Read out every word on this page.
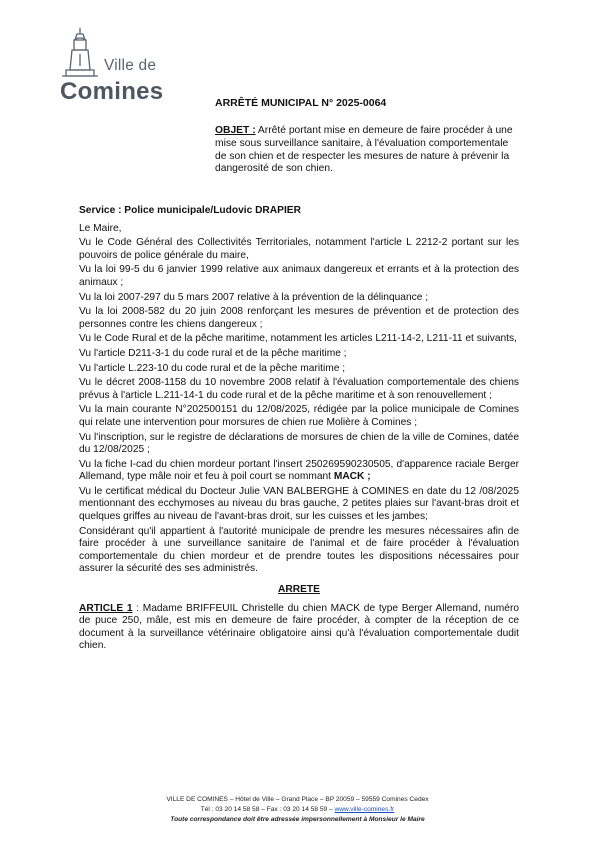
Ville de
Comines	ARRÊTÉ MUNICIPAL N° 2025-0064
OBJET : Arrêté portant mise en demeure de faire procéder à une mise sous surveillance sanitaire, à l'évaluation comportementale de son chien et de respecter les mesures de nature à prévenir la dangerosité de son chien.

Service : Police municipale/Ludovic DRAPIER

Le Maire,

Vu le Code Général des Collectivités Territoriales, notamment l'article L 2212-2 portant sur les pouvoirs de police générale du maire,

Vu la loi 99-5 du 6 janvier 1999 relative aux animaux dangereux et errants et à la protection des animaux ;

Vu la loi 2007-297 du 5 mars 2007 relative à la prévention de la délinquance ;

Vu la loi 2008-582 du 20 juin 2008 renforçant les mesures de prévention et de protection des personnes contre les chiens dangereux ;

Vu le Code Rural et de la pêche maritime, notamment les articles L211-14-2, L211-11 et suivants,

Vu l'article D211-3-1 du code rural et de la pêche maritime ;

Vu l'article L.223-10 du code rural et de la pêche maritime ;

Vu le décret 2008-1158 du 10 novembre 2008 relatif à l'évaluation comportementale des chiens prévus à l'article L.211-14-1 du code rural et de la pêche maritime et à son renouvellement ;

Vu la main courante N°202500151 du 12/08/2025, rédigée par la police municipale de Comines qui relate une intervention pour morsures de chien rue Molière à Comines ;

Vu l'inscription, sur le registre de déclarations de morsures de chien de la ville de Comines, datée du 12/08/2025 ;

Vu la fiche I-cad du chien mordeur portant l'insert 250269590230505, d'apparence raciale Berger Allemand, type mâle noir et feu à poil court se nommant MACK ;

Vu le certificat médical du Docteur Julie VAN BALBERGHE à COMINES en date du 12 /08/2025 mentionnant des ecchymoses au niveau du bras gauche, 2 petites plaies sur l'avant-bras droit et quelques griffes au niveau de l'avant-bras droit, sur les cuisses et les jambes;

Considérant qu'il appartient à l'autorité municipale de prendre les mesures nécessaires afin de faire procéder à une surveillance sanitaire de l'animal et de faire procéder à l'évaluation comportementale du chien mordeur et de prendre toutes les dispositions nécessaires pour assurer la sécurité des ses administrés.

ARRETE

ARTICLE 1 : Madame BRIFFEUIL Christelle du chien MACK de type Berger Allemand, numéro de puce 250, mâle, est mis en demeure de faire procéder, à compter de la réception de ce document à la surveillance vétérinaire obligatoire ainsi qu'à l'évaluation comportementale dudit chien.

VILLE DE COMINES – Hôtel de Ville – Grand Place – BP 20059 – 59559 Comines Cedex
Tél : 03 20 14 58 58 – Fax : 03 20 14 58 59 – www.ville-comines.fr
Toute correspondance doit être adressée impersonnellement à Monsieur le Maire
